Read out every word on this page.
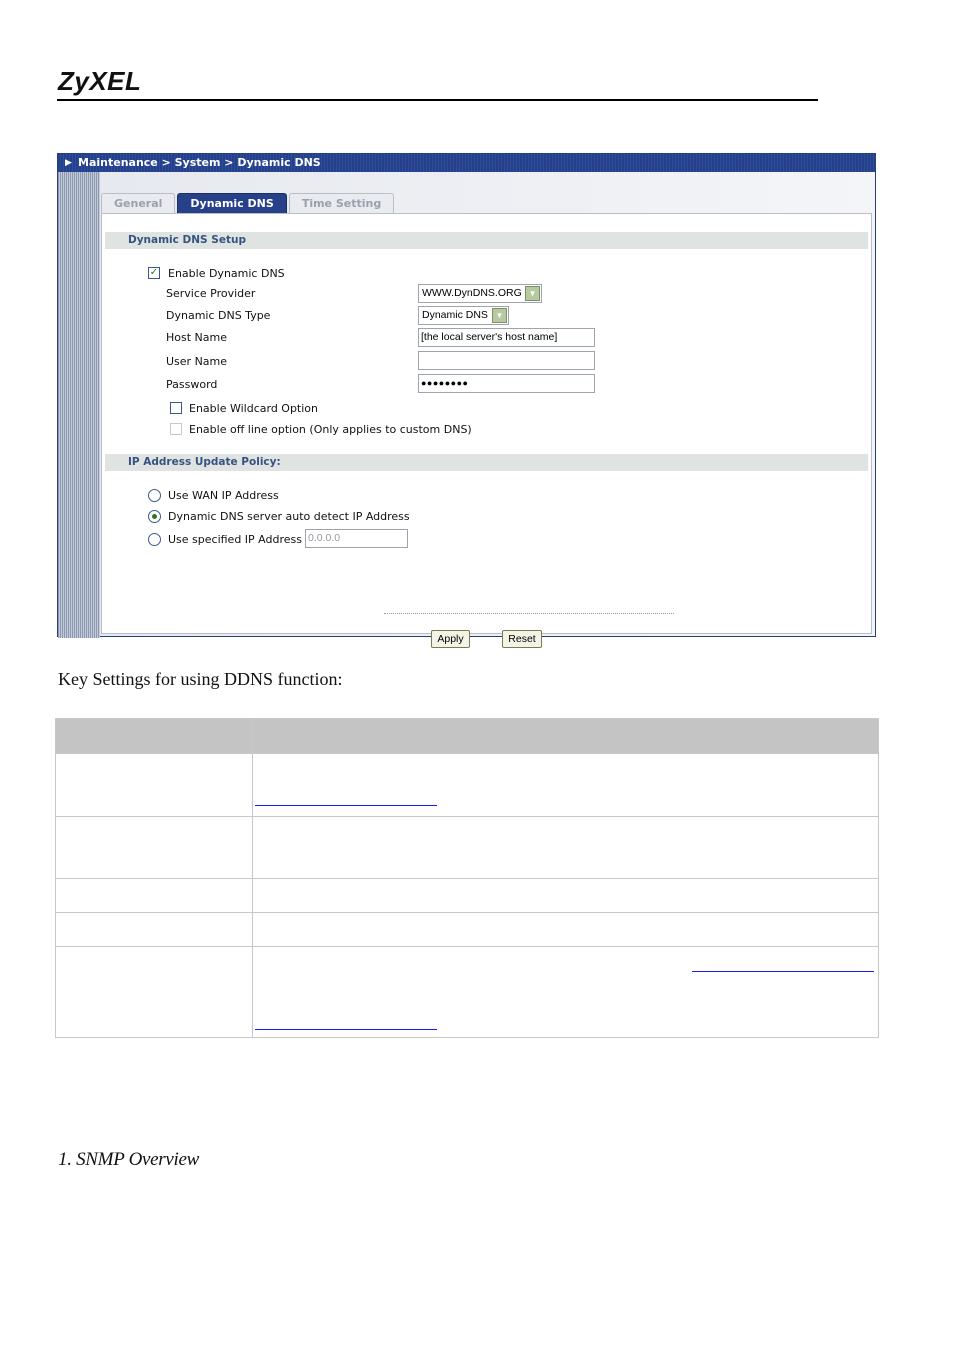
ZyXEL
▶ Maintenance > System > Dynamic DNS
General	Dynamic DNS	Time Setting
Dynamic DNS Setup
✓ Enable Dynamic DNS
Service Provider	WWW.DynDNS.ORG ▼
Dynamic DNS Type	Dynamic DNS ▼
Host Name	[the local server's host name]
User Name
Password	●●●●●●●●
Enable Wildcard Option
Enable off line option (Only applies to custom DNS)
IP Address Update Policy:
Use WAN IP Address
Dynamic DNS server auto detect IP Address
Use specified IP Address 0.0.0.0
Apply	Reset
Key Settings for using DDNS function:

1. SNMP Overview
